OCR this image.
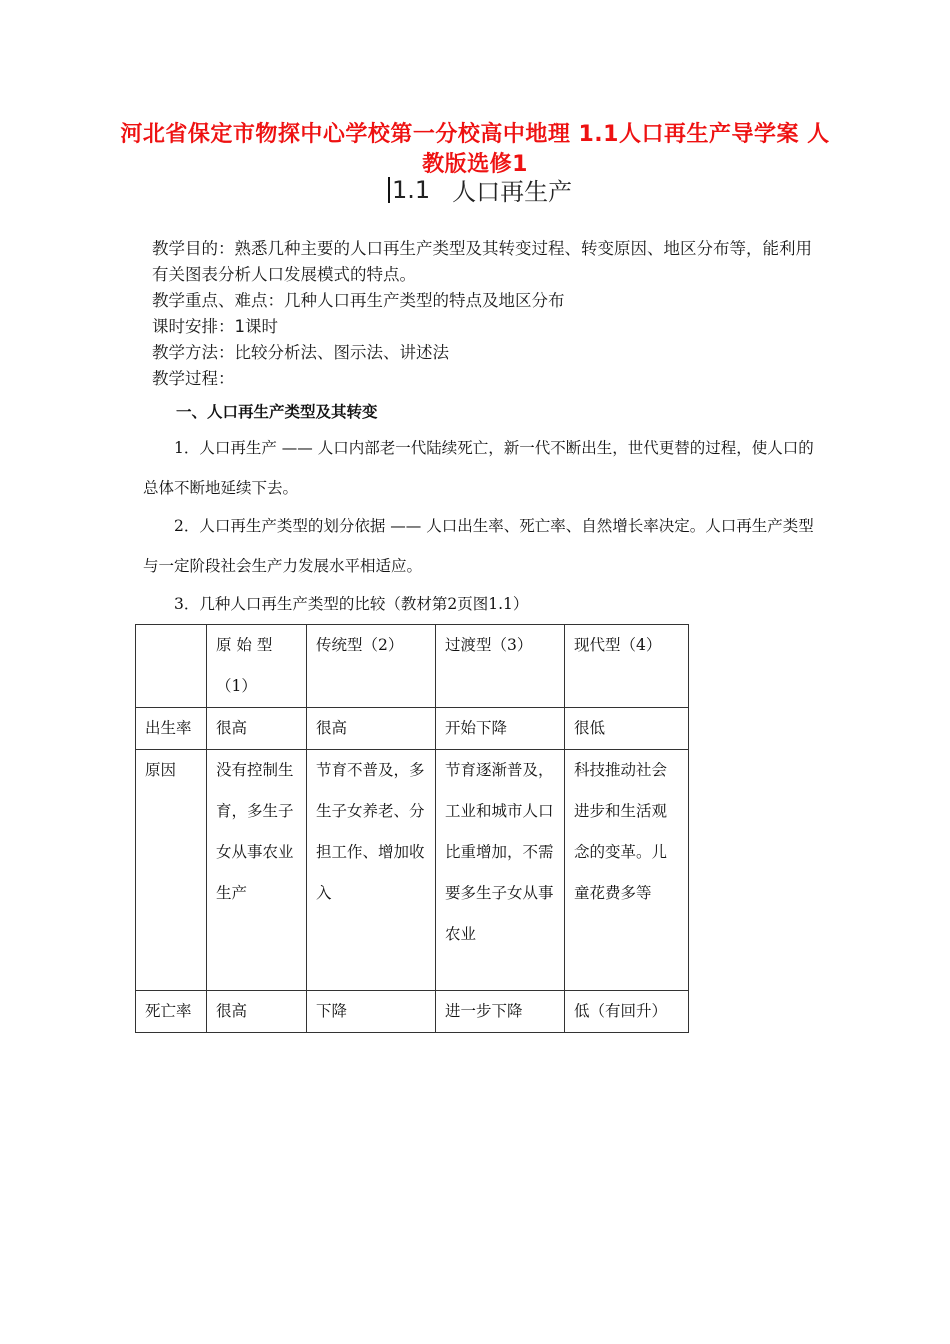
河北省保定市物探中心学校第一分校高中地理 1.1人口再生产导学案 人教版选修1
1.1 人口再生产

教学目的：熟悉几种主要的人口再生产类型及其转变过程、转变原因、地区分布等，能利用有关图表分析人口发展模式的特点。

教学重点、难点：几种人口再生产类型的特点及地区分布

课时安排：1课时

教学方法：比较分析法、图示法、讲述法

教学过程：

一、人口再生产类型及其转变

1．人口再生产 —— 人口内部老一代陆续死亡，新一代不断出生，世代更替的过程，使人口的总体不断地延续下去。

2．人口再生产类型的划分依据 —— 人口出生率、死亡率、自然增长率决定。人口再生产类型与一定阶段社会生产力发展水平相适应。

3．几种人口再生产类型的比较（教材第2页图1.1）

	原 始 型（1）	传统型（2）	过渡型（3）	现代型（4）
出生率	很高	很高	开始下降	很低
原因	没有控制生育，多生子女从事农业生产	节育不普及，多生子女养老、分担工作、增加收入	节育逐渐普及，工业和城市人口比重增加，不需要多生子女从事农业	科技推动社会进步和生活观念的变革。儿童花费多等
死亡率	很高	下降	进一步下降	低（有回升）
